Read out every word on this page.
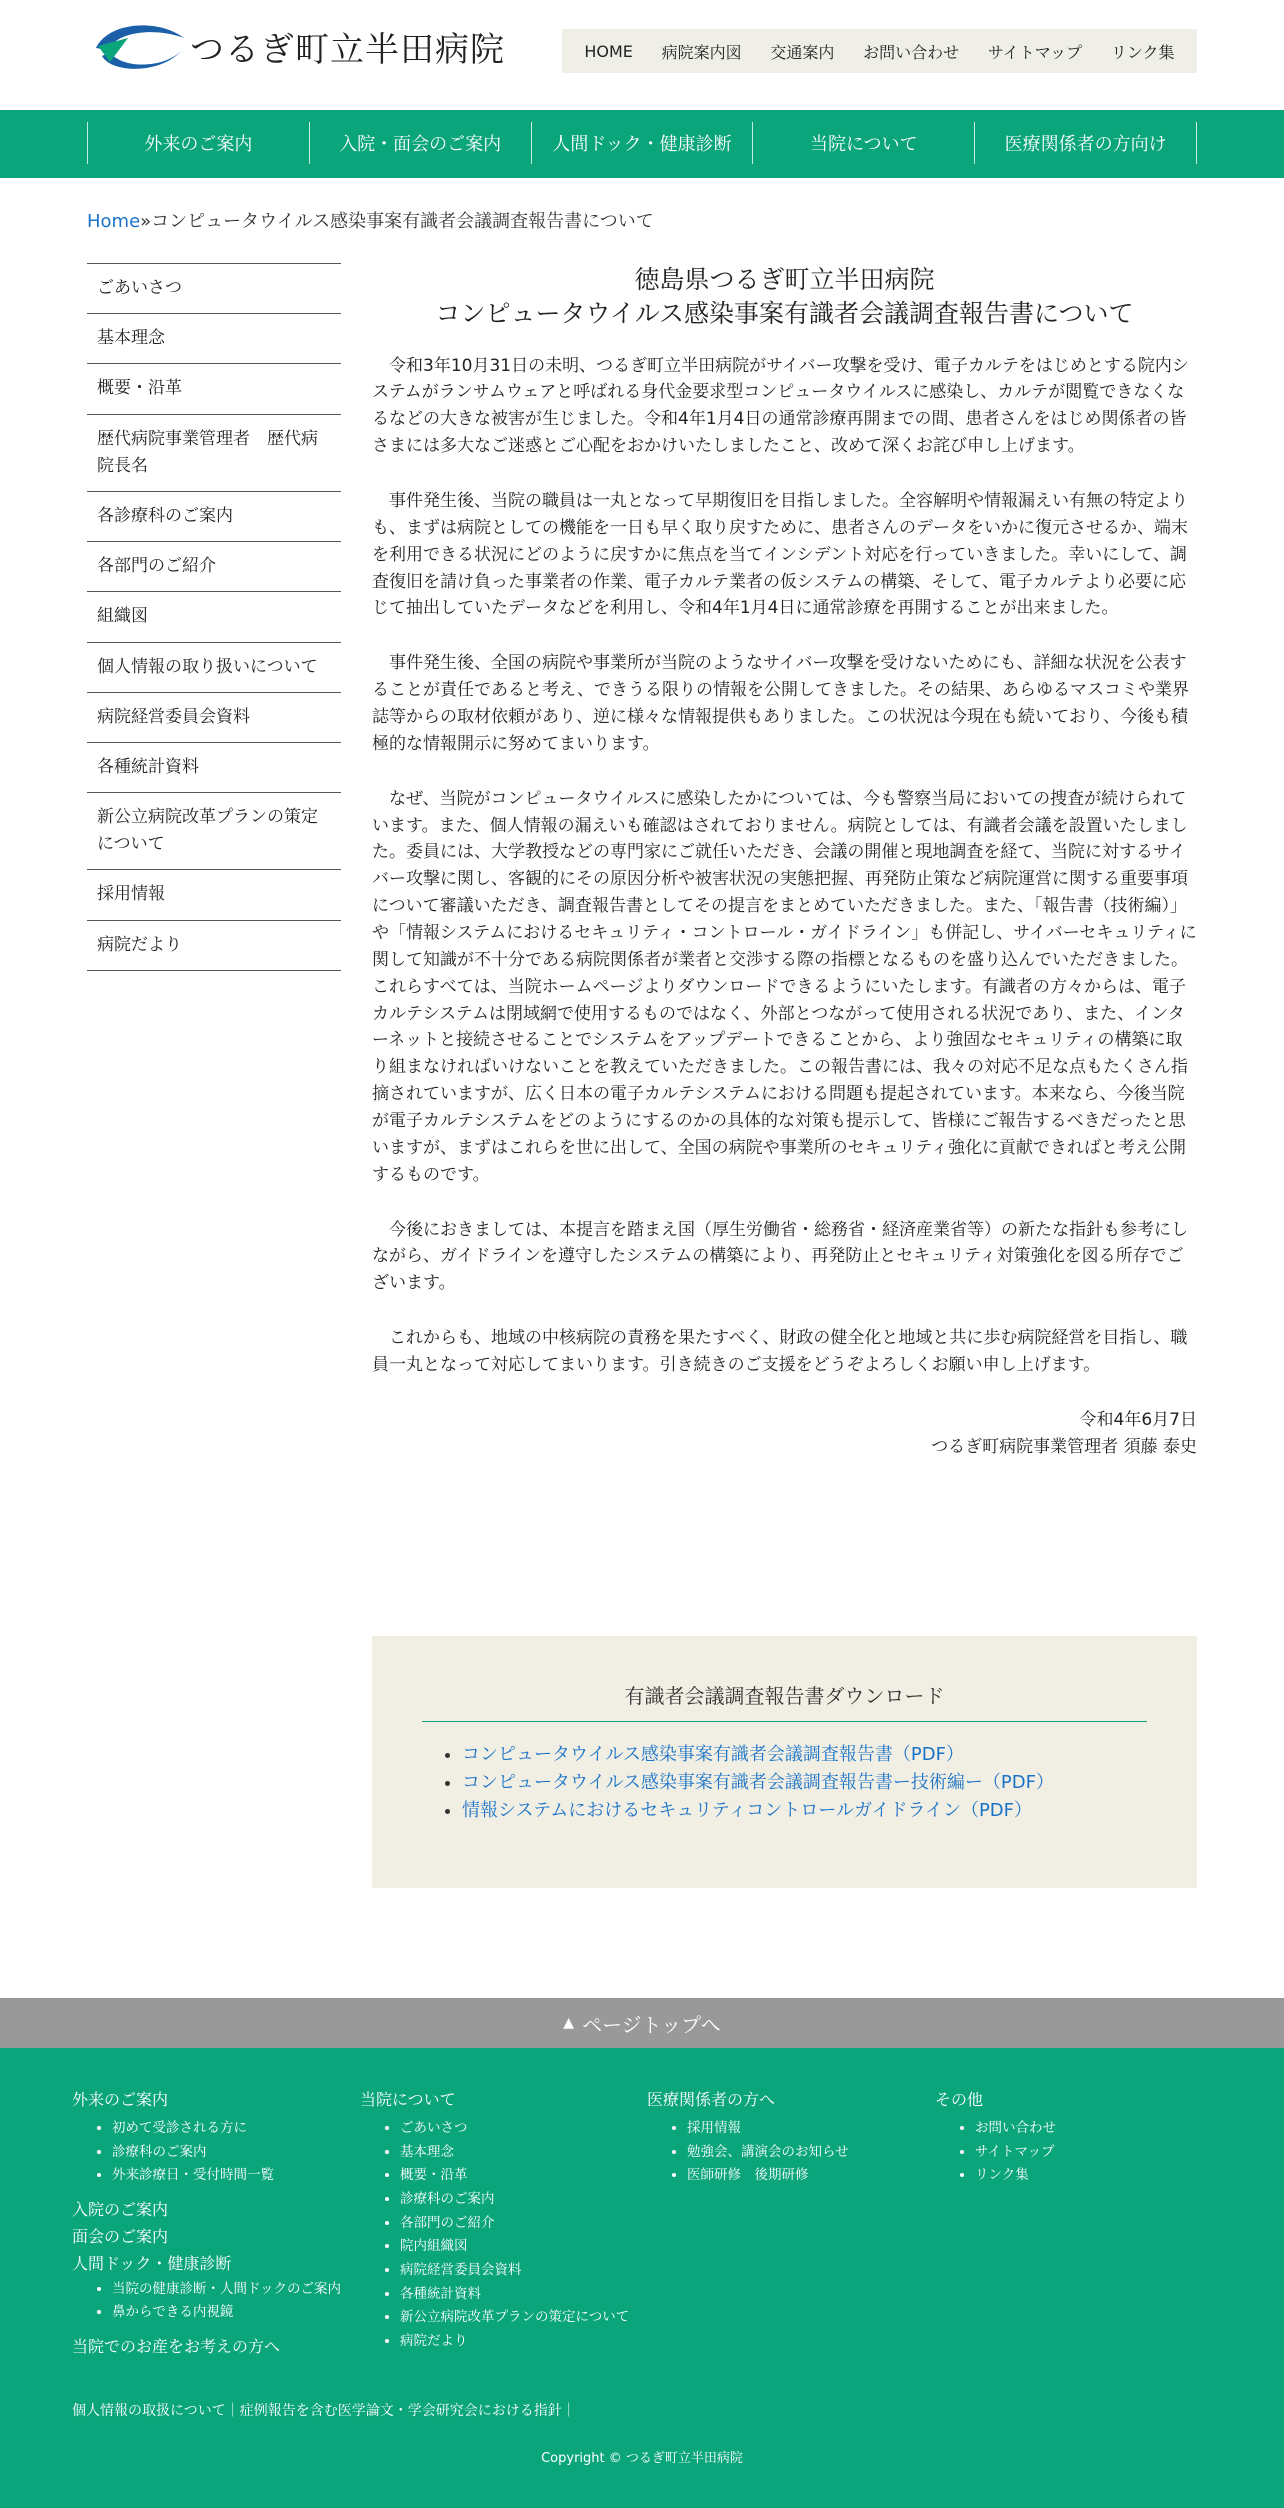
つるぎ町立半田病院	HOME 病院案内図 交通案内 お問い合わせ サイトマップ リンク集
外来のご案内	入院・面会のご案内	人間ドック・健康診断	当院について	医療関係者の方向け
Home»コンピュータウイルス感染事案有識者会議調査報告書について
ごあいさつ
基本理念
概要・沿革
歴代病院事業管理者　歴代病院長名
各診療科のご案内
各部門のご紹介
組織図
個人情報の取り扱いについて
病院経営委員会資料
各種統計資料
新公立病院改革プランの策定について
採用情報
病院だより
徳島県つるぎ町立半田病院
コンピュータウイルス感染事案有識者会議調査報告書について

令和3年10月31日の未明、つるぎ町立半田病院がサイバー攻撃を受け、電子カルテをはじめとする院内システムがランサムウェアと呼ばれる身代金要求型コンピュータウイルスに感染し、カルテが閲覧できなくなるなどの大きな被害が生じました。令和4年1月4日の通常診療再開までの間、患者さんをはじめ関係者の皆さまには多大なご迷惑とご心配をおかけいたしましたこと、改めて深くお詫び申し上げます。

事件発生後、当院の職員は一丸となって早期復旧を目指しました。全容解明や情報漏えい有無の特定よりも、まずは病院としての機能を一日も早く取り戻すために、患者さんのデータをいかに復元させるか、端末を利用できる状況にどのように戻すかに焦点を当てインシデント対応を行っていきました。幸いにして、調査復旧を請け負った事業者の作業、電子カルテ業者の仮システムの構築、そして、電子カルテより必要に応じて抽出していたデータなどを利用し、令和4年1月4日に通常診療を再開することが出来ました。

事件発生後、全国の病院や事業所が当院のようなサイバー攻撃を受けないためにも、詳細な状況を公表することが責任であると考え、できうる限りの情報を公開してきました。その結果、あらゆるマスコミや業界誌等からの取材依頼があり、逆に様々な情報提供もありました。この状況は今現在も続いており、今後も積極的な情報開示に努めてまいります。

なぜ、当院がコンピュータウイルスに感染したかについては、今も警察当局においての捜査が続けられています。また、個人情報の漏えいも確認はされておりません。病院としては、有識者会議を設置いたしました。委員には、大学教授などの専門家にご就任いただき、会議の開催と現地調査を経て、当院に対するサイバー攻撃に関し、客観的にその原因分析や被害状況の実態把握、再発防止策など病院運営に関する重要事項について審議いただき、調査報告書としてその提言をまとめていただきました。また、「報告書（技術編）」や「情報システムにおけるセキュリティ・コントロール・ガイドライン」も併記し、サイバーセキュリティに関して知識が不十分である病院関係者が業者と交渉する際の指標となるものを盛り込んでいただきました。これらすべては、当院ホームページよりダウンロードできるようにいたします。有識者の方々からは、電子カルテシステムは閉域網で使用するものではなく、外部とつながって使用される状況であり、また、インターネットと接続させることでシステムをアップデートできることから、より強固なセキュリティの構築に取り組まなければいけないことを教えていただきました。この報告書には、我々の対応不足な点もたくさん指摘されていますが、広く日本の電子カルテシステムにおける問題も提起されています。本来なら、今後当院が電子カルテシステムをどのようにするのかの具体的な対策も提示して、皆様にご報告するべきだったと思いますが、まずはこれらを世に出して、全国の病院や事業所のセキュリティ強化に貢献できればと考え公開するものです。

今後におきましては、本提言を踏まえ国（厚生労働省・総務省・経済産業省等）の新たな指針も参考にしながら、ガイドラインを遵守したシステムの構築により、再発防止とセキュリティ対策強化を図る所存でございます。

これからも、地域の中核病院の責務を果たすべく、財政の健全化と地域と共に歩む病院経営を目指し、職員一丸となって対応してまいります。引き続きのご支援をどうぞよろしくお願い申し上げます。

令和4年6月7日
つるぎ町病院事業管理者 須藤 泰史
有識者会議調査報告書ダウンロード
• コンピュータウイルス感染事案有識者会議調査報告書（PDF）
• コンピュータウイルス感染事案有識者会議調査報告書ー技術編ー（PDF）
• 情報システムにおけるセキュリティコントロールガイドライン（PDF）
▲ ページトップへ
外来のご案内
• 初めて受診される方に
• 診療科のご案内
• 外来診療日・受付時間一覧
入院のご案内
面会のご案内
人間ドック・健康診断
• 当院の健康診断・人間ドックのご案内
• 鼻からできる内視鏡
当院でのお産をお考えの方へ
当院について
• ごあいさつ
• 基本理念
• 概要・沿革
• 診療科のご案内
• 各部門のご紹介
• 院内組織図
• 病院経営委員会資料
• 各種統計資料
• 新公立病院改革プランの策定について
• 病院だより
医療関係者の方へ
• 採用情報
• 勉強会、講演会のお知らせ
• 医師研修　後期研修
その他
• お問い合わせ
• サイトマップ
• リンク集
個人情報の取扱について｜症例報告を含む医学論文・学会研究会における指針｜
Copyright © つるぎ町立半田病院
